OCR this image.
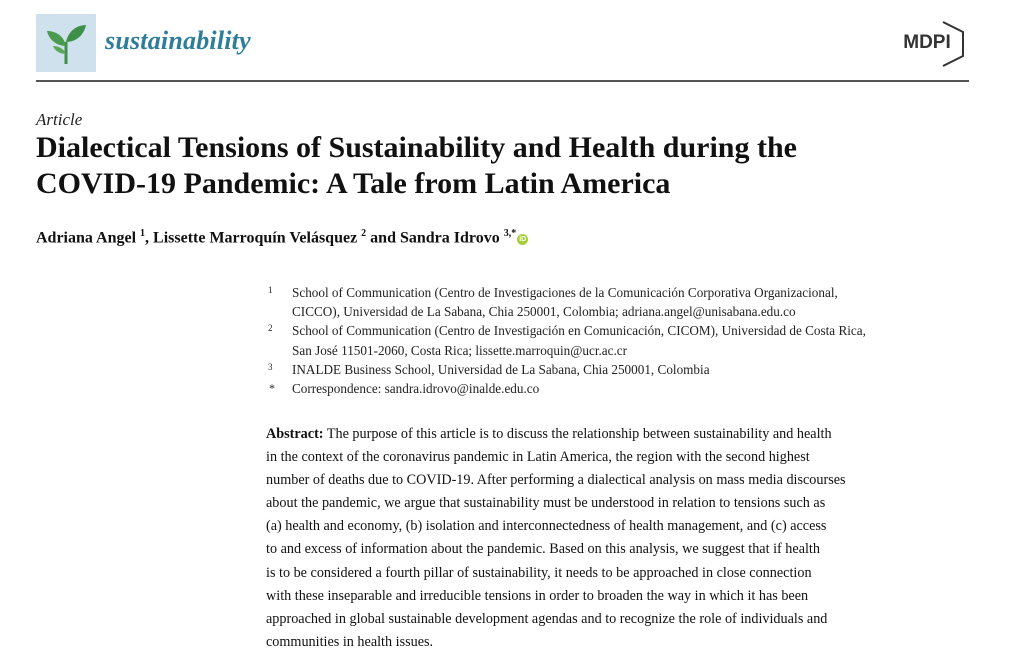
sustainability	MDPI
Article
Dialectical Tensions of Sustainability and Health during the
COVID-19 Pandemic: A Tale from Latin America
Adriana Angel $^1$, Lissette Marroquín Velásquez $^2$ and Sandra Idrovo $^{3,*}$iD
1 School of Communication (Centro de Investigaciones de la Comunicación Corporativa Organizacional,
CICCO), Universidad de La Sabana, Chia 250001, Colombia; adriana.angel@unisabana.edu.co
2 School of Communication (Centro de Investigación en Comunicación, CICOM), Universidad de Costa Rica,
San José 11501-2060, Costa Rica; lissette.marroquin@ucr.ac.cr
3 INALDE Business School, Universidad de La Sabana, Chia 250001, Colombia
* Correspondence: sandra.idrovo@inalde.edu.co
Abstract: The purpose of this article is to discuss the relationship between sustainability and health
in the context of the coronavirus pandemic in Latin America, the region with the second highest
number of deaths due to COVID-19. After performing a dialectical analysis on mass media discourses
about the pandemic, we argue that sustainability must be understood in relation to tensions such as
(a) health and economy, (b) isolation and interconnectedness of health management, and (c) access
to and excess of information about the pandemic. Based on this analysis, we suggest that if health
is to be considered a fourth pillar of sustainability, it needs to be approached in close connection
with these inseparable and irreducible tensions in order to broaden the way in which it has been
approached in global sustainable development agendas and to recognize the role of individuals and
communities in health issues.
